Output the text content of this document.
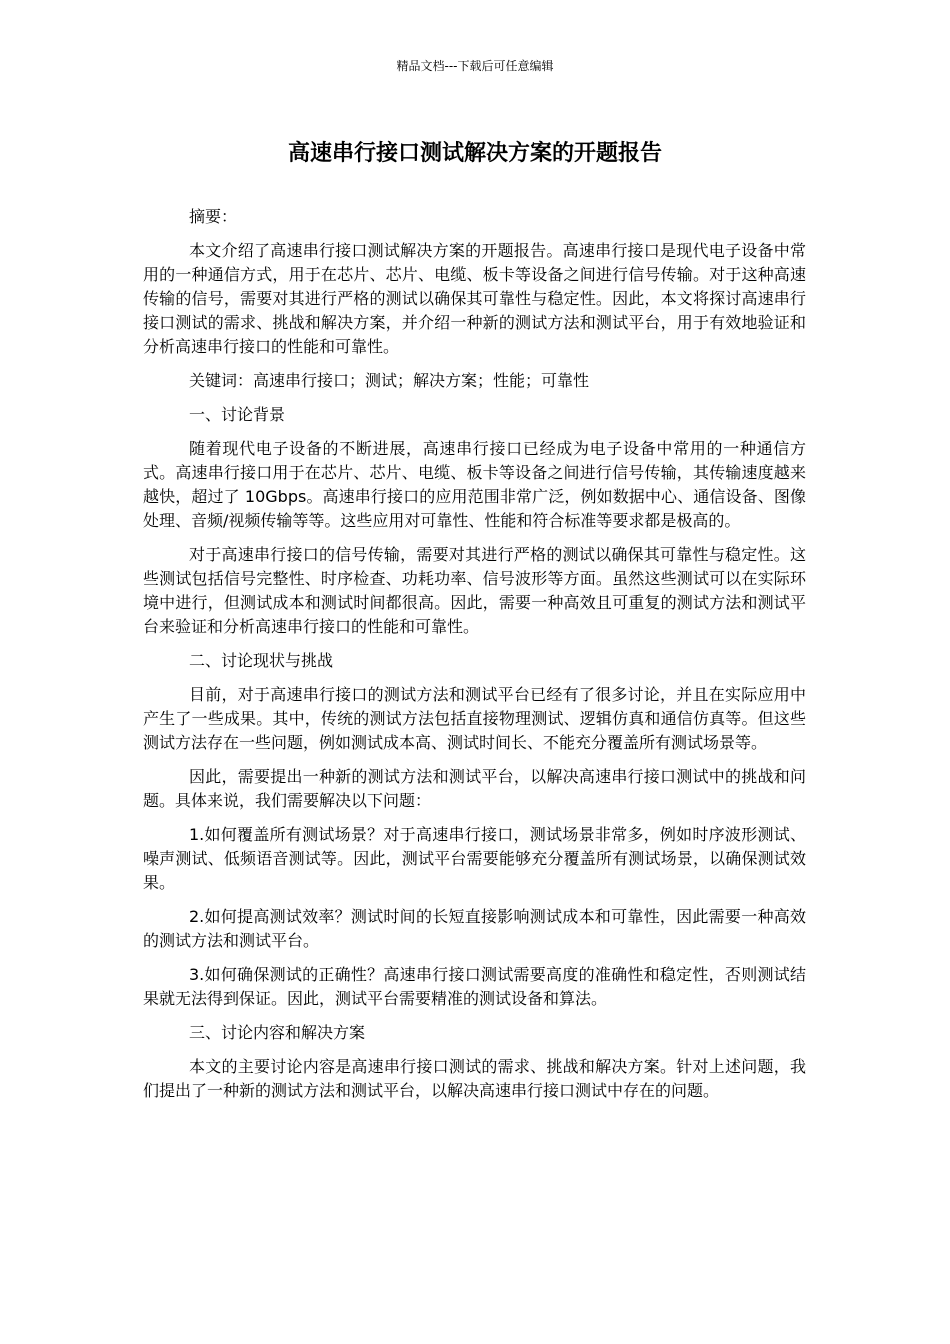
精品文档---下载后可任意编辑
高速串行接口测试解决方案的开题报告

摘要：

本文介绍了高速串行接口测试解决方案的开题报告。高速串行接口是现代电子设备中常用的一种通信方式，用于在芯片、芯片、电缆、板卡等设备之间进行信号传输。对于这种高速传输的信号，需要对其进行严格的测试以确保其可靠性与稳定性。因此，本文将探讨高速串行接口测试的需求、挑战和解决方案，并介绍一种新的测试方法和测试平台，用于有效地验证和分析高速串行接口的性能和可靠性。

关键词：高速串行接口；测试；解决方案；性能；可靠性

一、讨论背景

随着现代电子设备的不断进展，高速串行接口已经成为电子设备中常用的一种通信方式。高速串行接口用于在芯片、芯片、电缆、板卡等设备之间进行信号传输，其传输速度越来越快，超过了 10Gbps。高速串行接口的应用范围非常广泛，例如数据中心、通信设备、图像处理、音频/视频传输等等。这些应用对可靠性、性能和符合标准等要求都是极高的。

对于高速串行接口的信号传输，需要对其进行严格的测试以确保其可靠性与稳定性。这些测试包括信号完整性、时序检查、功耗功率、信号波形等方面。虽然这些测试可以在实际环境中进行，但测试成本和测试时间都很高。因此，需要一种高效且可重复的测试方法和测试平台来验证和分析高速串行接口的性能和可靠性。

二、讨论现状与挑战

目前，对于高速串行接口的测试方法和测试平台已经有了很多讨论，并且在实际应用中产生了一些成果。其中，传统的测试方法包括直接物理测试、逻辑仿真和通信仿真等。但这些测试方法存在一些问题，例如测试成本高、测试时间长、不能充分覆盖所有测试场景等。

因此，需要提出一种新的测试方法和测试平台，以解决高速串行接口测试中的挑战和问题。具体来说，我们需要解决以下问题：

1.如何覆盖所有测试场景？对于高速串行接口，测试场景非常多，例如时序波形测试、噪声测试、低频语音测试等。因此，测试平台需要能够充分覆盖所有测试场景，以确保测试效果。

2.如何提高测试效率？测试时间的长短直接影响测试成本和可靠性，因此需要一种高效的测试方法和测试平台。

3.如何确保测试的正确性？高速串行接口测试需要高度的准确性和稳定性，否则测试结果就无法得到保证。因此，测试平台需要精准的测试设备和算法。

三、讨论内容和解决方案

本文的主要讨论内容是高速串行接口测试的需求、挑战和解决方案。针对上述问题，我们提出了一种新的测试方法和测试平台，以解决高速串行接口测试中存在的问题。
